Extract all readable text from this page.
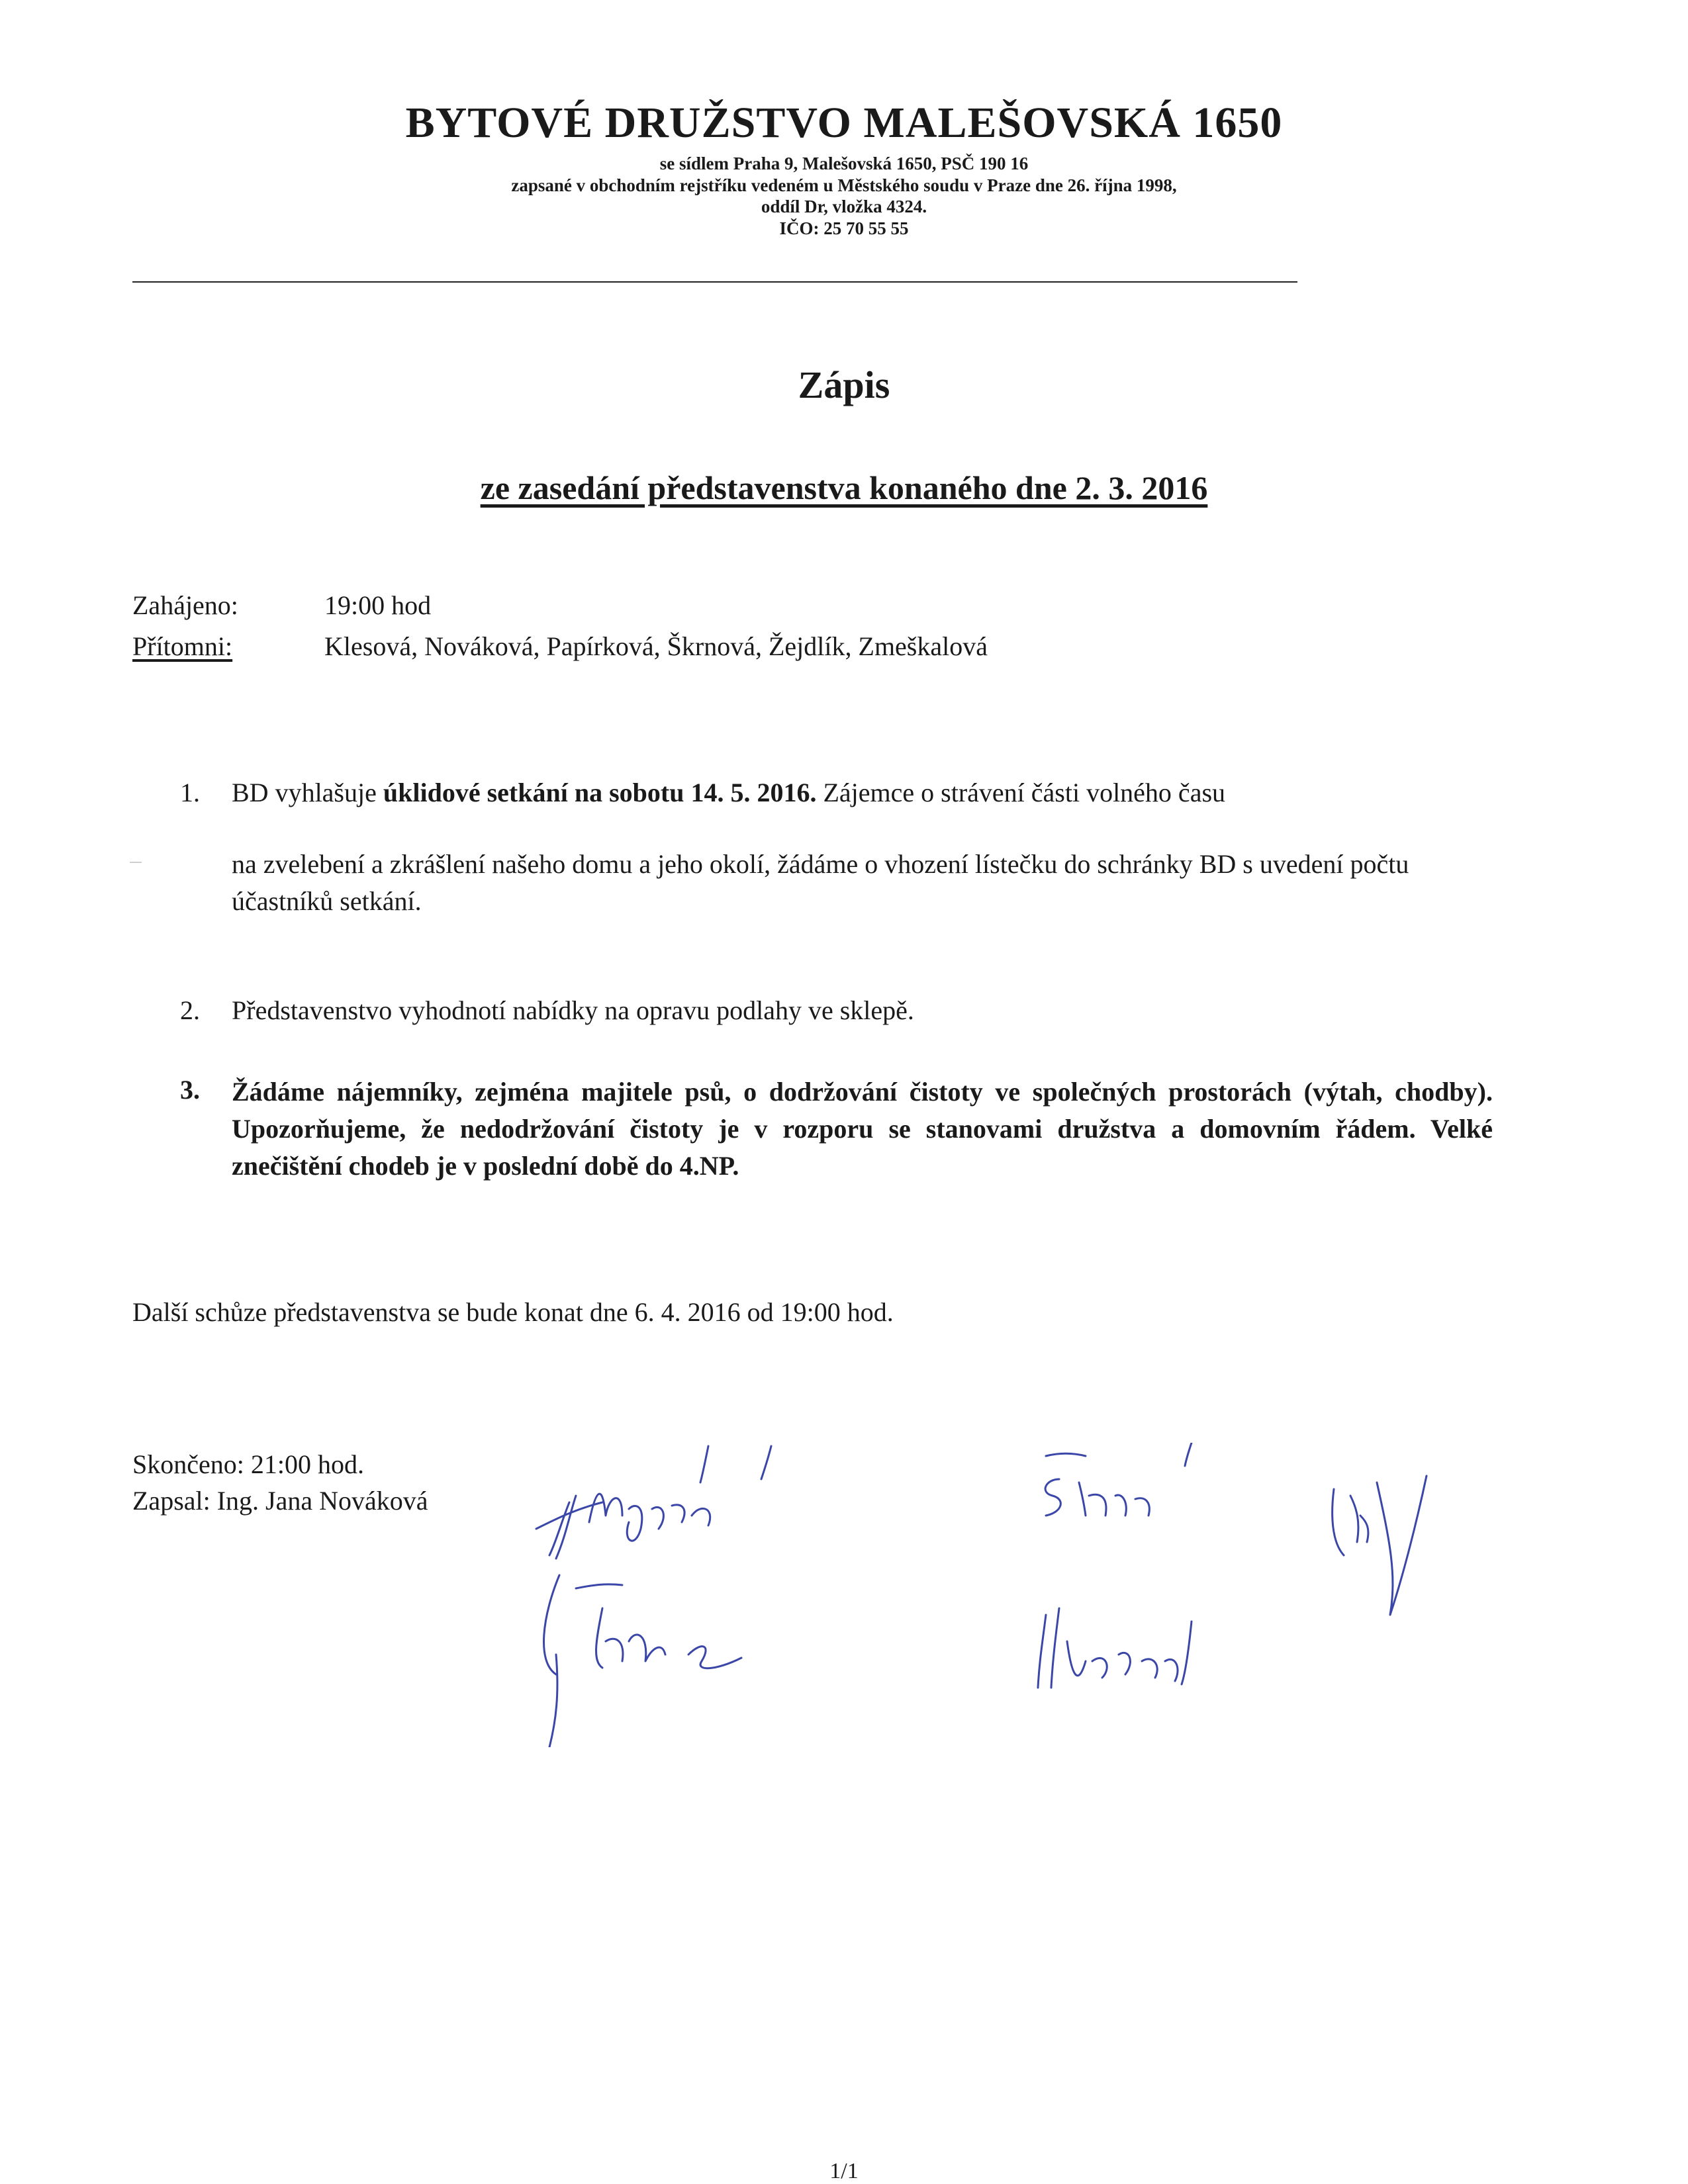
BYTOVÉ DRUŽSTVO MALEŠOVSKÁ 1650
se sídlem Praha 9, Malešovská 1650, PSČ 190 16
zapsané v obchodním rejstříku vedeném u Městského soudu v Praze dne 26. října 1998,
oddíl Dr, vložka 4324.
IČO: 25 70 55 55
Zápis
ze zasedání představenstva konaného dne 2. 3. 2016
Zahájeno:	19:00 hod
Přítomni:	Klesová, Nováková, Papírková, Škrnová, Žejdlík, Zmeškalová
1. BD vyhlašuje úklidové setkání na sobotu 14. 5. 2016. Zájemce o strávení části volného času
na zvelebení a zkrášlení našeho domu a jeho okolí, žádáme o vhození lístečku do schránky BD s uvedení počtu účastníků setkání.
2. Představenstvo vyhodnotí nabídky na opravu podlahy ve sklepě.
3. Žádáme nájemníky, zejména majitele psů, o dodržování čistoty ve společných prostorách (výtah, chodby). Upozorňujeme, že nedodržování čistoty je v rozporu se stanovami družstva a domovním řádem. Velké znečištění chodeb je v poslední době do 4.NP.
Další schůze představenstva se bude konat dne 6. 4. 2016 od 19:00 hod.
Skončeno: 21:00 hod.
Zapsal: Ing. Jana Nováková
1/1
